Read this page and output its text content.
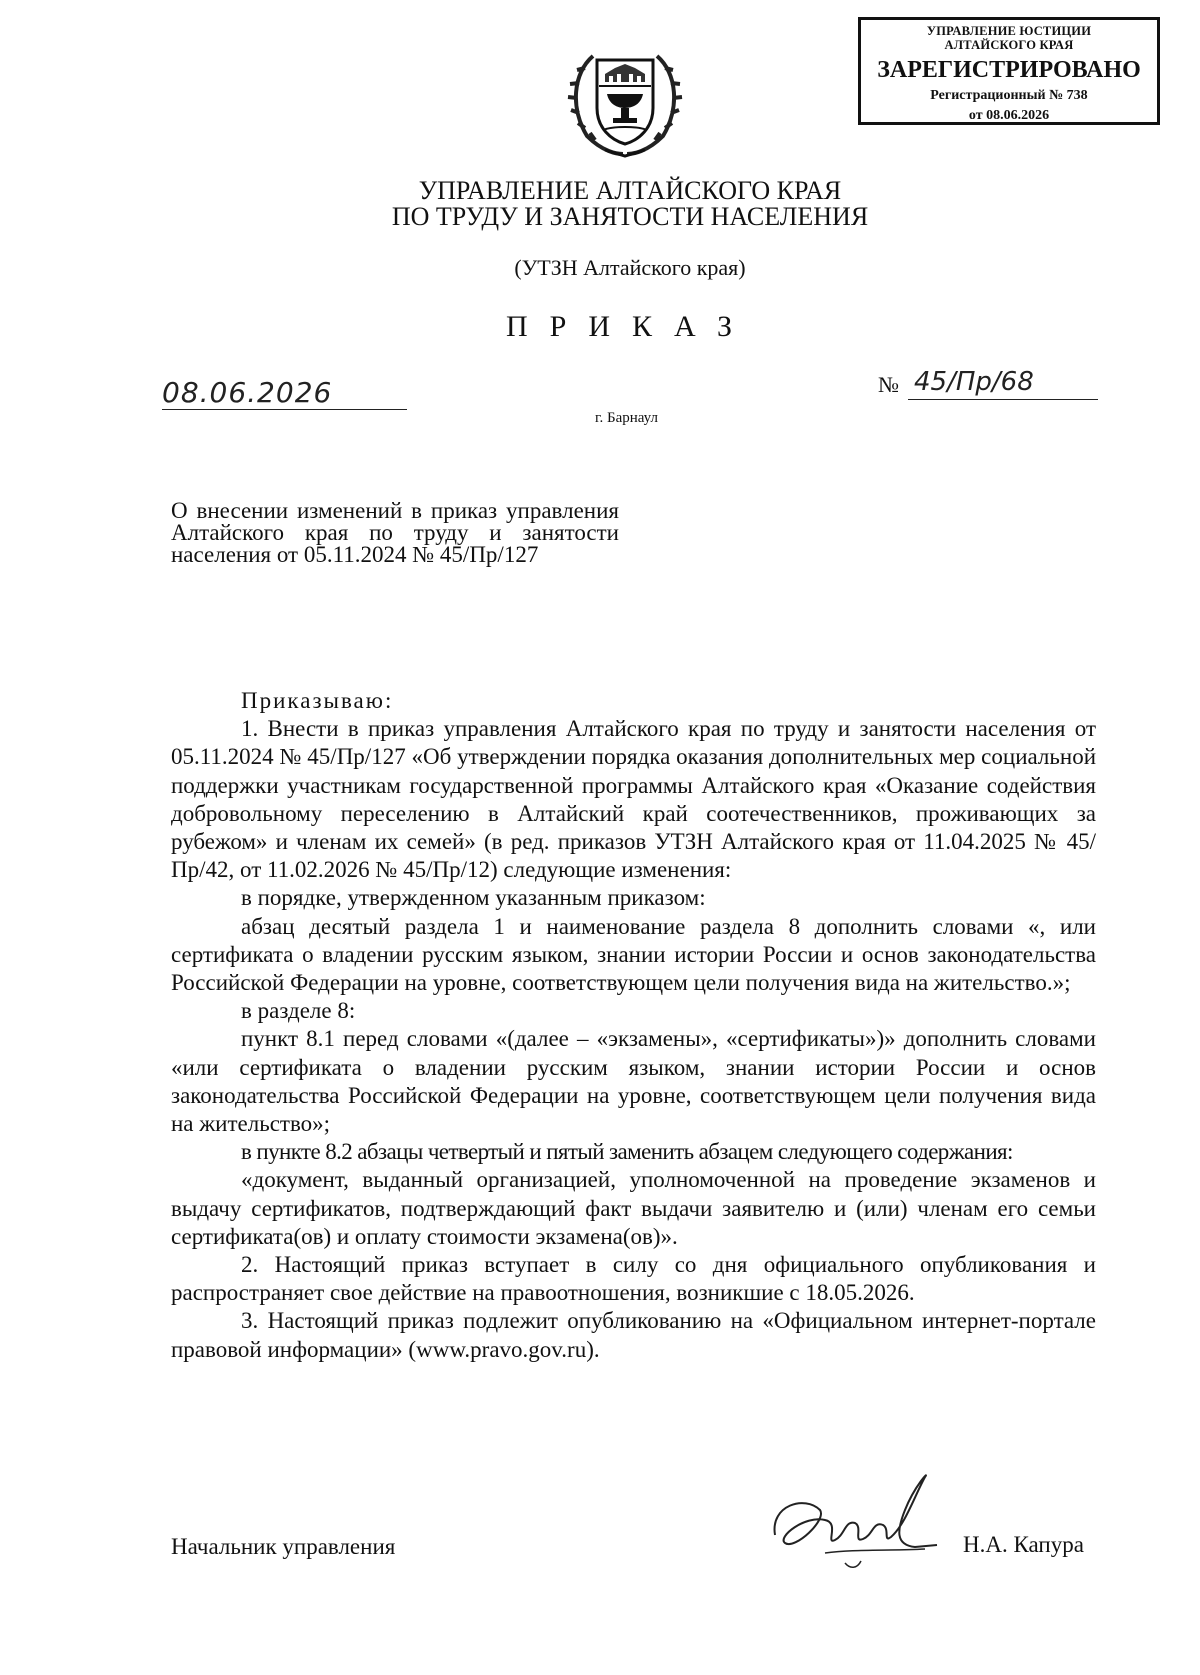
УПРАВЛЕНИЕ ЮСТИЦИИ
АЛТАЙСКОГО КРАЯ
ЗАРЕГИСТРИРОВАНО
Регистрационный № 738
от 08.06.2026
УПРАВЛЕНИЕ АЛТАЙСКОГО КРАЯ
ПО ТРУДУ И ЗАНЯТОСТИ НАСЕЛЕНИЯ
(УТЗН Алтайского края)
ПРИКАЗ
08.06.2026	№ 45/Пр/68
г. Барнаул
О внесении изменений в приказ управления Алтайского края по труду и занятости населения от 05.11.2024 № 45/Пр/127

Приказываю:

1. Внести в приказ управления Алтайского края по труду и занятости населения от 05.11.2024 № 45/Пр/127 «Об утверждении порядка оказания дополнительных мер социальной поддержки участникам государственной программы Алтайского края «Оказание содействия добровольному переселению в Алтайский край соотечественников, проживающих за рубежом» и членам их семей» (в ред. приказов УТЗН Алтайского края от 11.04.2025 № 45/Пр/42, от 11.02.2026 № 45/Пр/12) следующие изменения:

в порядке, утвержденном указанным приказом:

абзац десятый раздела 1 и наименование раздела 8 дополнить словами «, или сертификата о владении русским языком, знании истории России и основ законодательства Российской Федерации на уровне, соответствующем цели получения вида на жительство.»;

в разделе 8:

пункт 8.1 перед словами «(далее – «экзамены», «сертификаты»)» дополнить словами «или сертификата о владении русским языком, знании истории России и основ законодательства Российской Федерации на уровне, соответствующем цели получения вида на жительство»;

в пункте 8.2 абзацы четвертый и пятый заменить абзацем следующего содержания:

«документ, выданный организацией, уполномоченной на проведение экзаменов и выдачу сертификатов, подтверждающий факт выдачи заявителю и (или) членам его семьи сертификата(ов) и оплату стоимости экзамена(ов)».

2. Настоящий приказ вступает в силу со дня официального опубликования и распространяет свое действие на правоотношения, возникшие с 18.05.2026.

3. Настоящий приказ подлежит опубликованию на «Официальном интернет-портале правовой информации» (www.pravo.gov.ru).

Начальник управления	Н.А. Капура
